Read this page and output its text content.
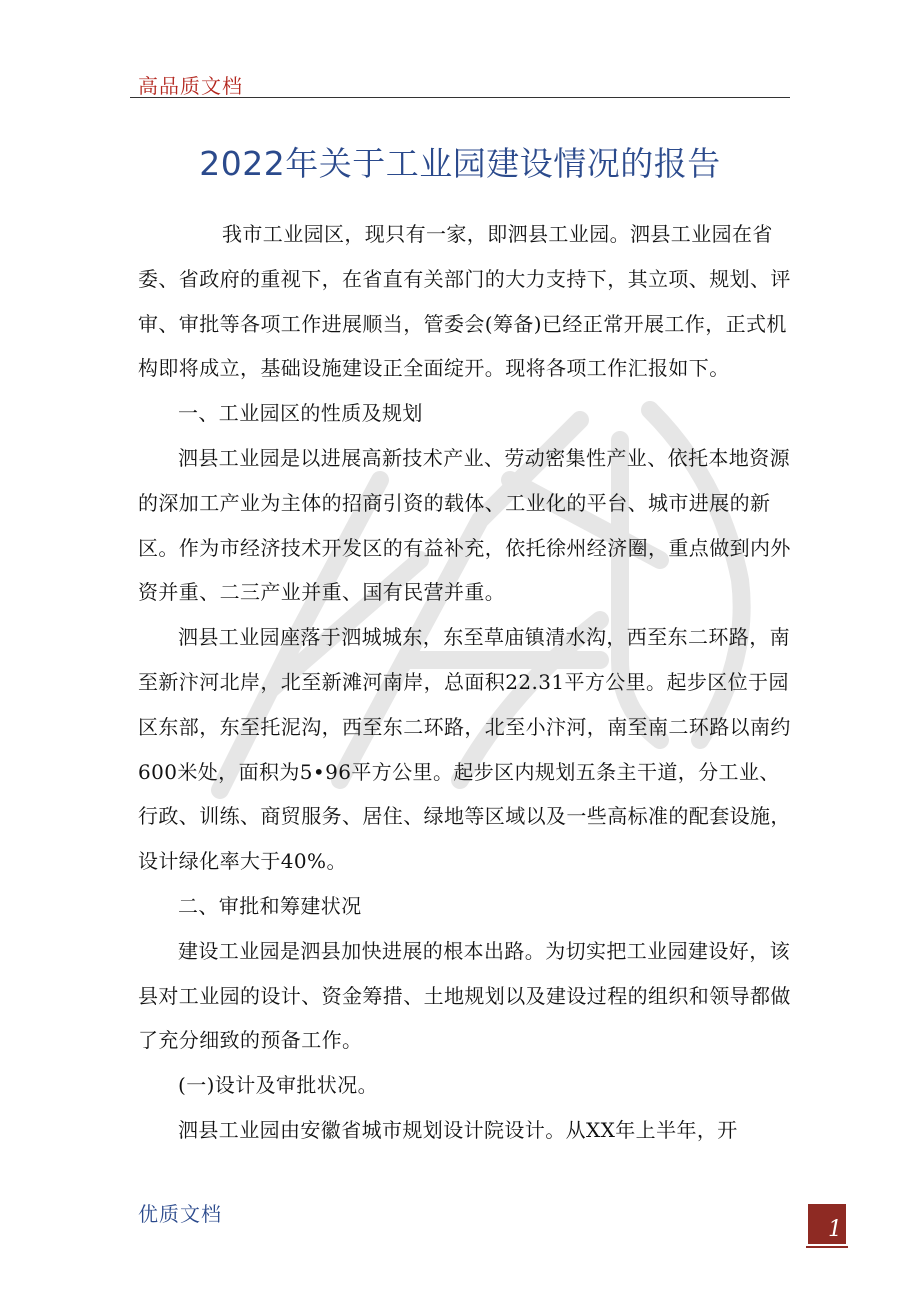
高品质文档
2022年关于工业园建设情况的报告

我市工业园区，现只有一家，即泗县工业园。泗县工业园在省委、省政府的重视下，在省直有关部门的大力支持下，其立项、规划、评审、审批等各项工作进展顺当，管委会(筹备)已经正常开展工作，正式机构即将成立，基础设施建设正全面绽开。现将各项工作汇报如下。

一、工业园区的性质及规划

泗县工业园是以进展高新技术产业、劳动密集性产业、依托本地资源的深加工产业为主体的招商引资的载体、工业化的平台、城市进展的新区。作为市经济技术开发区的有益补充，依托徐州经济圈，重点做到内外资并重、二三产业并重、国有民营并重。

泗县工业园座落于泗城城东，东至草庙镇清水沟，西至东二环路，南至新汴河北岸，北至新滩河南岸，总面积22.31平方公里。起步区位于园区东部，东至托泥沟，西至东二环路，北至小汴河，南至南二环路以南约600米处，面积为5•96平方公里。起步区内规划五条主干道，分工业、行政、训练、商贸服务、居住、绿地等区域以及一些高标准的配套设施，设计绿化率大于40%。

二、审批和筹建状况

建设工业园是泗县加快进展的根本出路。为切实把工业园建设好，该县对工业园的设计、资金筹措、土地规划以及建设过程的组织和领导都做了充分细致的预备工作。

(一)设计及审批状况。

泗县工业园由安徽省城市规划设计院设计。从XX年上半年，开

优质文档
1
